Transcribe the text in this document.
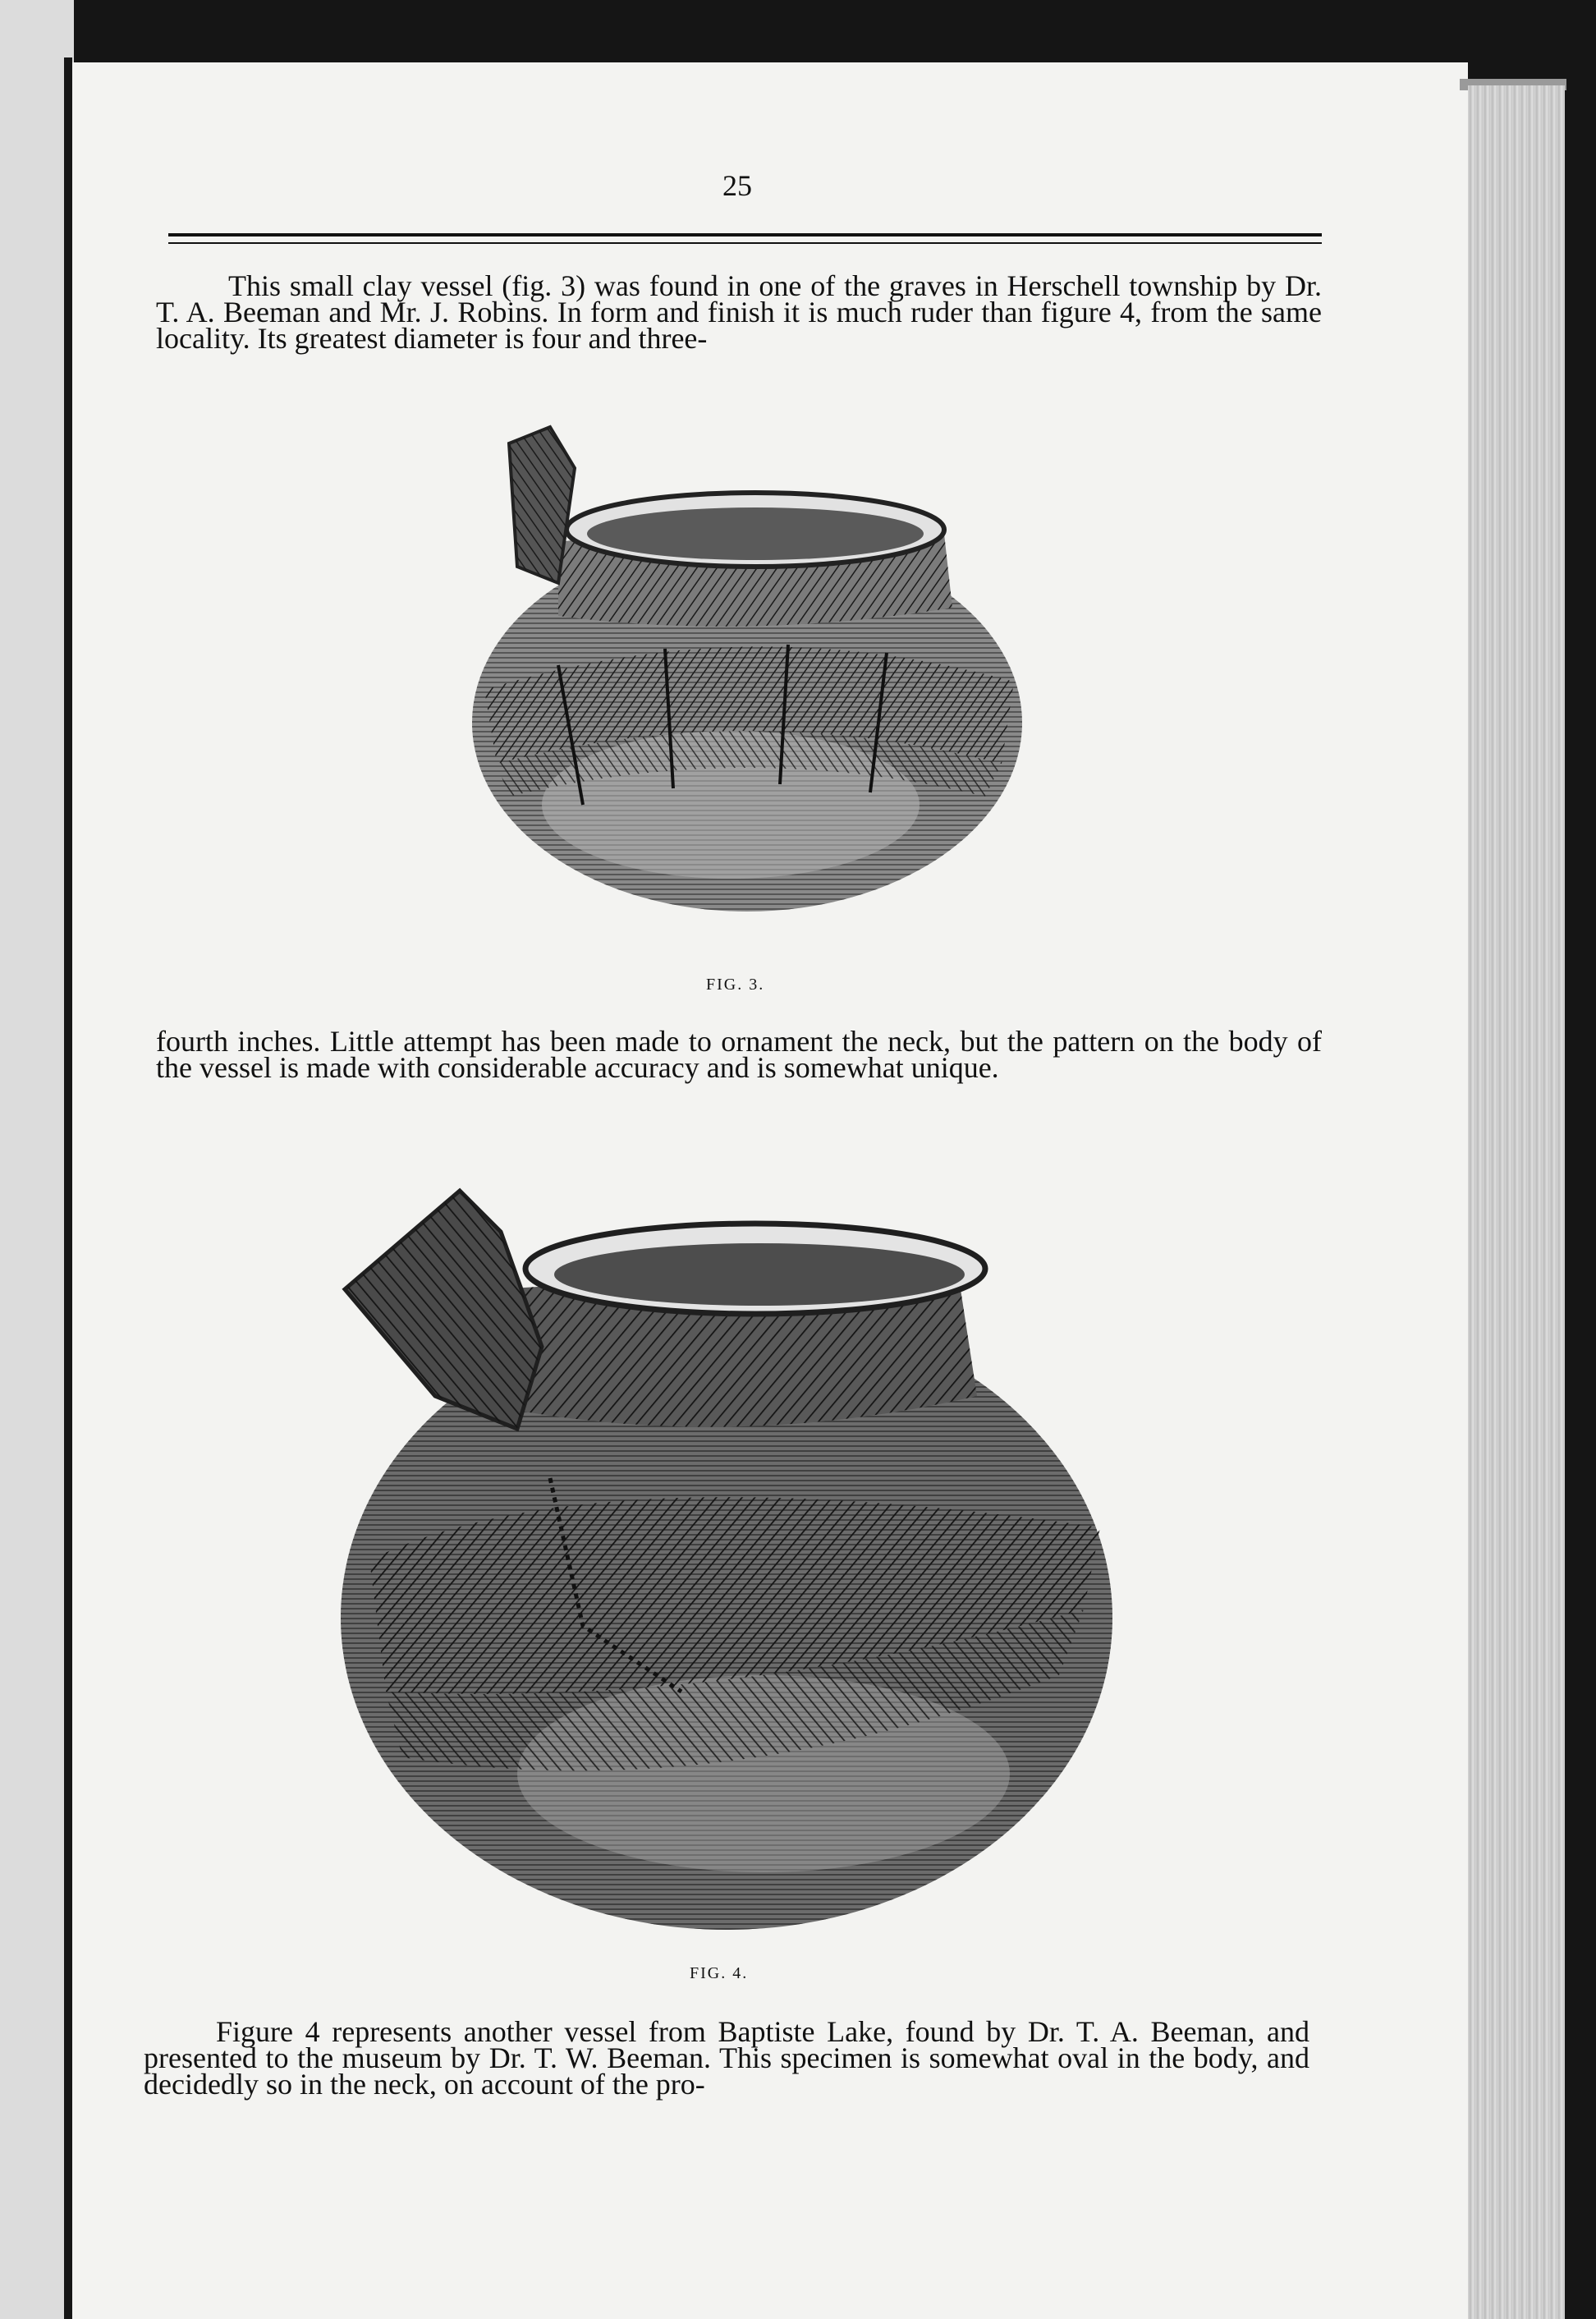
25
This small clay vessel (fig. 3) was found in one of the graves in Herschell township by Dr. T. A. Beeman and Mr. J. Robins. In form and finish it is much ruder than figure 4, from the same locality. Its greatest diameter is four and three-
FIG. 3.
fourth inches. Little attempt has been made to ornament the neck, but the pattern on the body of the vessel is made with considerable accuracy and is somewhat unique.
FIG. 4.
Figure 4 represents another vessel from Baptiste Lake, found by Dr. T. A. Beeman, and presented to the museum by Dr. T. W. Beeman. This specimen is somewhat oval in the body, and decidedly so in the neck, on account of the pro-
